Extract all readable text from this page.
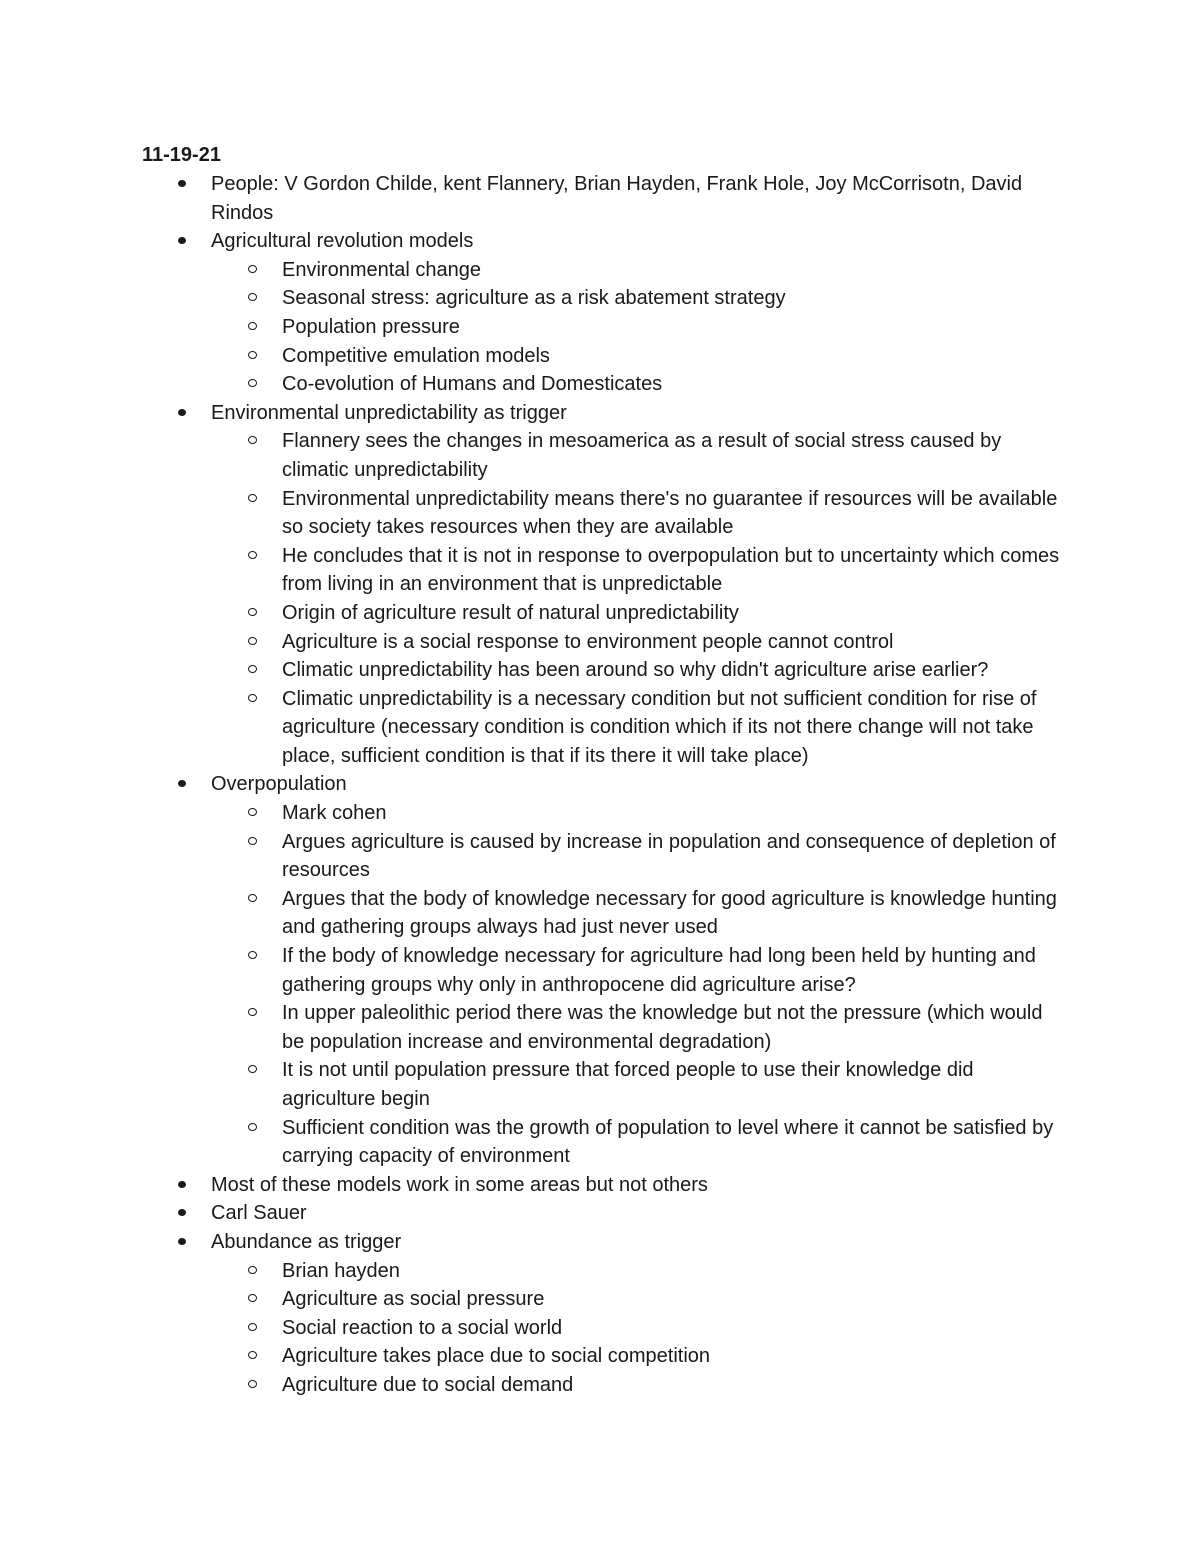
11-19-21
People: V Gordon Childe, kent Flannery, Brian Hayden, Frank Hole, Joy McCorrisotn, David Rindos
Agricultural revolution models
Environmental change
Seasonal stress: agriculture as a risk abatement strategy
Population pressure
Competitive emulation models
Co-evolution of Humans and Domesticates
Environmental unpredictability as trigger
Flannery sees the changes in mesoamerica as a result of social stress caused by climatic unpredictability
Environmental unpredictability means there's no guarantee if resources will be available so society takes resources when they are available
He concludes that it is not in response to overpopulation but to uncertainty which comes from living in an environment that is unpredictable
Origin of agriculture result of natural unpredictability
Agriculture is a social response to environment people cannot control
Climatic unpredictability has been around so why didn't agriculture arise earlier?
Climatic unpredictability is a necessary condition but not sufficient condition for rise of agriculture (necessary condition is condition which if its not there change will not take place, sufficient condition is that if its there it will take place)
Overpopulation
Mark cohen
Argues agriculture is caused by increase in population and consequence of depletion of resources
Argues that the body of knowledge necessary for good agriculture is knowledge hunting and gathering groups always had just never used
If the body of knowledge necessary for agriculture had long been held by hunting and gathering groups why only in anthropocene did agriculture arise?
In upper paleolithic period there was the knowledge but not the pressure (which would be population increase and environmental degradation)
It is not until population pressure that forced people to use their knowledge did agriculture begin
Sufficient condition was the growth of population to level where it cannot be satisfied by carrying capacity of environment
Most of these models work in some areas but not others
Carl Sauer
Abundance as trigger
Brian hayden
Agriculture as social pressure
Social reaction to a social world
Agriculture takes place due to social competition
Agriculture due to social demand
